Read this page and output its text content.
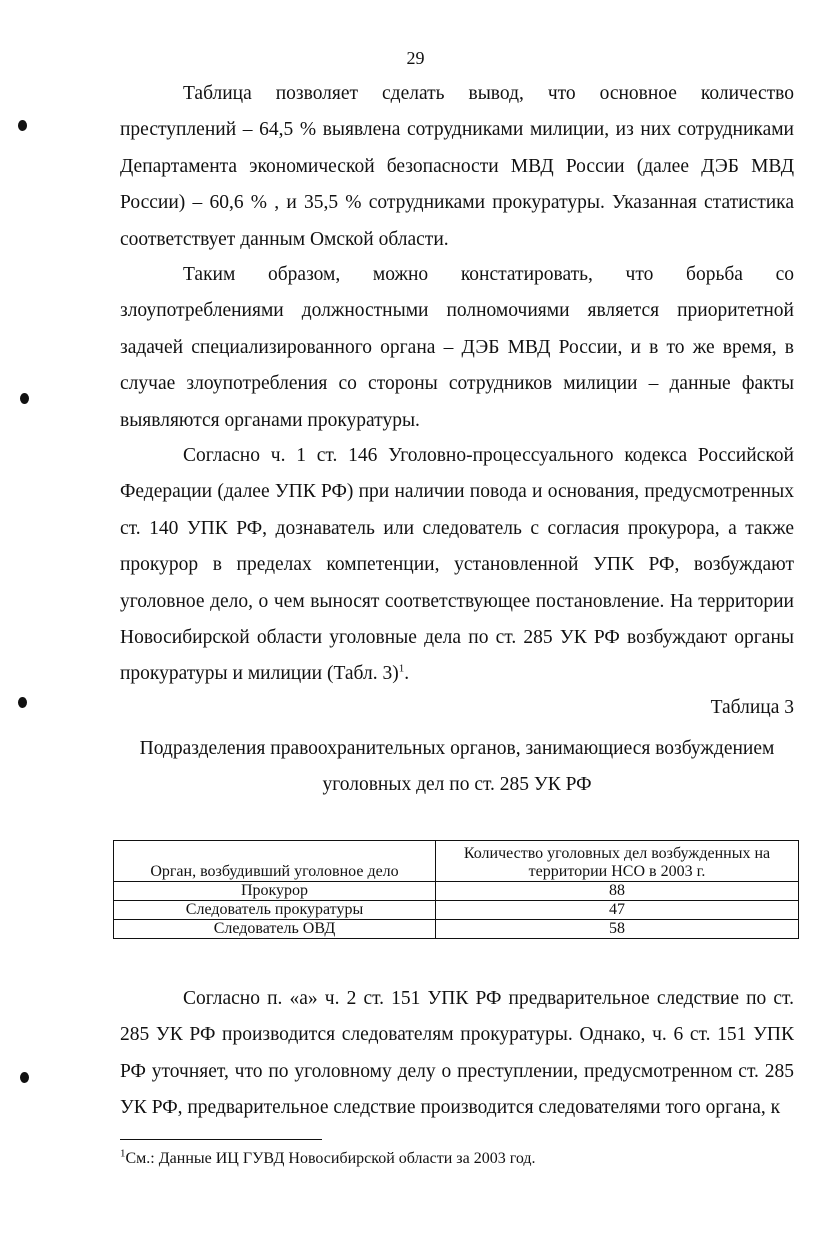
29

Таблица позволяет сделать вывод, что основное количество преступлений – 64,5 % выявлена сотрудниками милиции, из них сотрудниками Департамента экономической безопасности МВД России (далее ДЭБ МВД России) – 60,6 % , и 35,5 % сотрудниками прокуратуры. Указанная статистика соответствует данным Омской области.

Таким образом, можно констатировать, что борьба со злоупотреблениями должностными полномочиями является приоритетной задачей специализированного органа – ДЭБ МВД России, и в то же время, в случае злоупотребления со стороны сотрудников милиции – данные факты выявляются органами прокуратуры.

Согласно ч. 1 ст. 146 Уголовно-процессуального кодекса Российской Федерации (далее УПК РФ) при наличии повода и основания, предусмотренных ст. 140 УПК РФ, дознаватель или следователь с согласия прокурора, а также прокурор в пределах компетенции, установленной УПК РФ, возбуждают уголовное дело, о чем выносят соответствующее постановление. На территории Новосибирской области уголовные дела по ст. 285 УК РФ возбуждают органы прокуратуры и милиции (Табл. 3)$^1$.

Таблица 3
Подразделения правоохранительных органов, занимающиеся возбуждением уголовных дел по ст. 285 УК РФ
Орган, возбудивший уголовное дело	Количество уголовных дел возбужденных на территории НСО в 2003 г.
Прокурор	88
Следователь прокуратуры	47
Следователь ОВД	58

Согласно п. «а» ч. 2 ст. 151 УПК РФ предварительное следствие по ст. 285 УК РФ производится следователям прокуратуры. Однако, ч. 6 ст. 151 УПК РФ уточняет, что по уголовному делу о преступлении, предусмотренном ст. 285 УК РФ, предварительное следствие производится следователями того органа, к

$^1$См.: Данные ИЦ ГУВД Новосибирской области за 2003 год.
